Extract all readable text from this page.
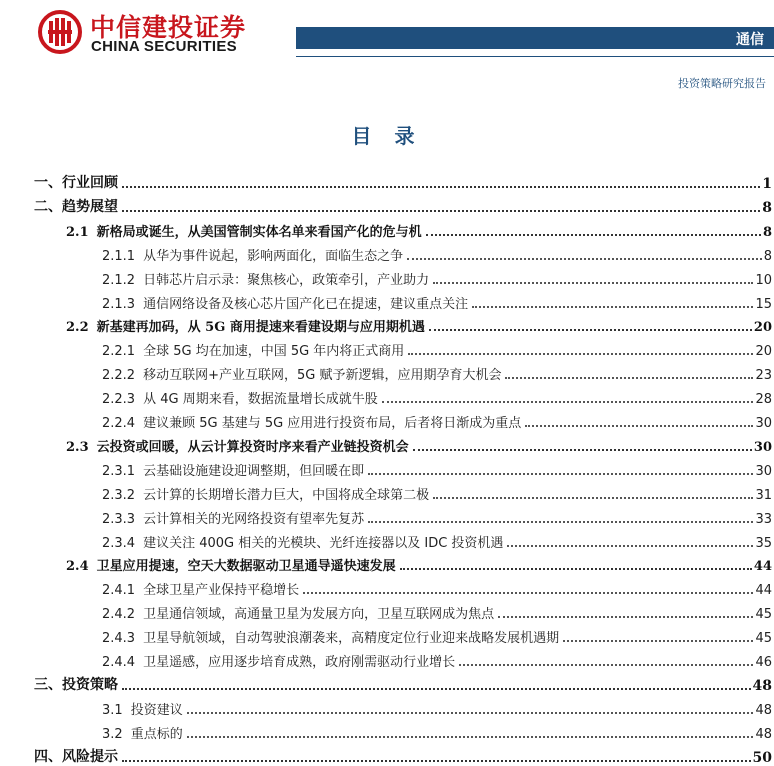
中信建投证券
CHINA SECURITIES	通信
投资策略研究报告
目 录
一、行业回顾	1
二、趋势展望	8
2.1 新格局或诞生，从美国管制实体名单来看国产化的危与机	8
2.1.1 从华为事件说起，影响两面化，面临生态之争	8
2.1.2 日韩芯片启示录：聚焦核心，政策牵引，产业助力	10
2.1.3 通信网络设备及核心芯片国产化已在提速，建议重点关注	15
2.2 新基建再加码，从 5G 商用提速来看建设期与应用期机遇	20
2.2.1 全球 5G 均在加速，中国 5G 年内将正式商用	20
2.2.2 移动互联网+产业互联网，5G 赋予新逻辑，应用期孕育大机会	23
2.2.3 从 4G 周期来看，数据流量增长成就牛股	28
2.2.4 建议兼顾 5G 基建与 5G 应用进行投资布局，后者将日渐成为重点	30
2.3 云投资或回暖，从云计算投资时序来看产业链投资机会	30
2.3.1 云基础设施建设迎调整期，但回暖在即	30
2.3.2 云计算的长期增长潜力巨大，中国将成全球第二极	31
2.3.3 云计算相关的光网络投资有望率先复苏	33
2.3.4 建议关注 400G 相关的光模块、光纤连接器以及 IDC 投资机遇	35
2.4 卫星应用提速，空天大数据驱动卫星通导遥快速发展	44
2.4.1 全球卫星产业保持平稳增长	44
2.4.2 卫星通信领域，高通量卫星为发展方向，卫星互联网成为焦点	45
2.4.3 卫星导航领域，自动驾驶浪潮袭来，高精度定位行业迎来战略发展机遇期	45
2.4.4 卫星遥感，应用逐步培育成熟，政府刚需驱动行业增长	46
三、投资策略	48
3.1 投资建议	48
3.2 重点标的	48
四、风险提示	50
